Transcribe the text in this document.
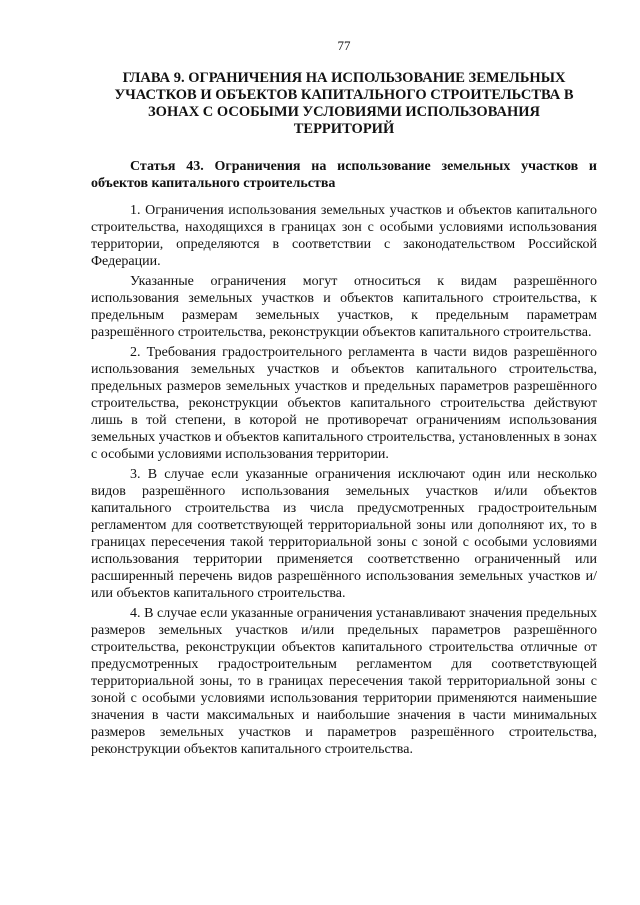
77
ГЛАВА 9. ОГРАНИЧЕНИЯ НА ИСПОЛЬЗОВАНИЕ ЗЕМЕЛЬНЫХ УЧАСТКОВ И ОБЪЕКТОВ КАПИТАЛЬНОГО СТРОИТЕЛЬСТВА В ЗОНАХ С ОСОБЫМИ УСЛОВИЯМИ ИСПОЛЬЗОВАНИЯ ТЕРРИТОРИЙ
Статья 43. Ограничения на использование земельных участков и объектов капитального строительства

1. Ограничения использования земельных участков и объектов капитального строительства, находящихся в границах зон с особыми условиями использования территории, определяются в соответствии с законодательством Российской Федерации.

Указанные ограничения могут относиться к видам разрешённого использования земельных участков и объектов капитального строительства, к предельным размерам земельных участков, к предельным параметрам разрешённого строительства, реконструкции объектов капитального строительства.

2. Требования градостроительного регламента в части видов разрешённого использования земельных участков и объектов капитального строительства, предельных размеров земельных участков и предельных параметров разрешённого строительства, реконструкции объектов капитального строительства действуют лишь в той степени, в которой не противоречат ограничениям использования земельных участков и объектов капитального строительства, установленных в зонах с особыми условиями использования территории.

3. В случае если указанные ограничения исключают один или несколько видов разрешённого использования земельных участков и/или объектов капитального строительства из числа предусмотренных градостроительным регламентом для соответствующей территориальной зоны или дополняют их, то в границах пересечения такой территориальной зоны с зоной с особыми условиями использования территории применяется соответственно ограниченный или расширенный перечень видов разрешённого использования земельных участков и/или объектов капитального строительства.

4. В случае если указанные ограничения устанавливают значения предельных размеров земельных участков и/или предельных параметров разрешённого строительства, реконструкции объектов капитального строительства отличные от предусмотренных градостроительным регламентом для соответствующей территориальной зоны, то в границах пересечения такой территориальной зоны с зоной с особыми условиями использования территории применяются наименьшие значения в части максимальных и наибольшие значения в части минимальных размеров земельных участков и параметров разрешённого строительства, реконструкции объектов капитального строительства.
